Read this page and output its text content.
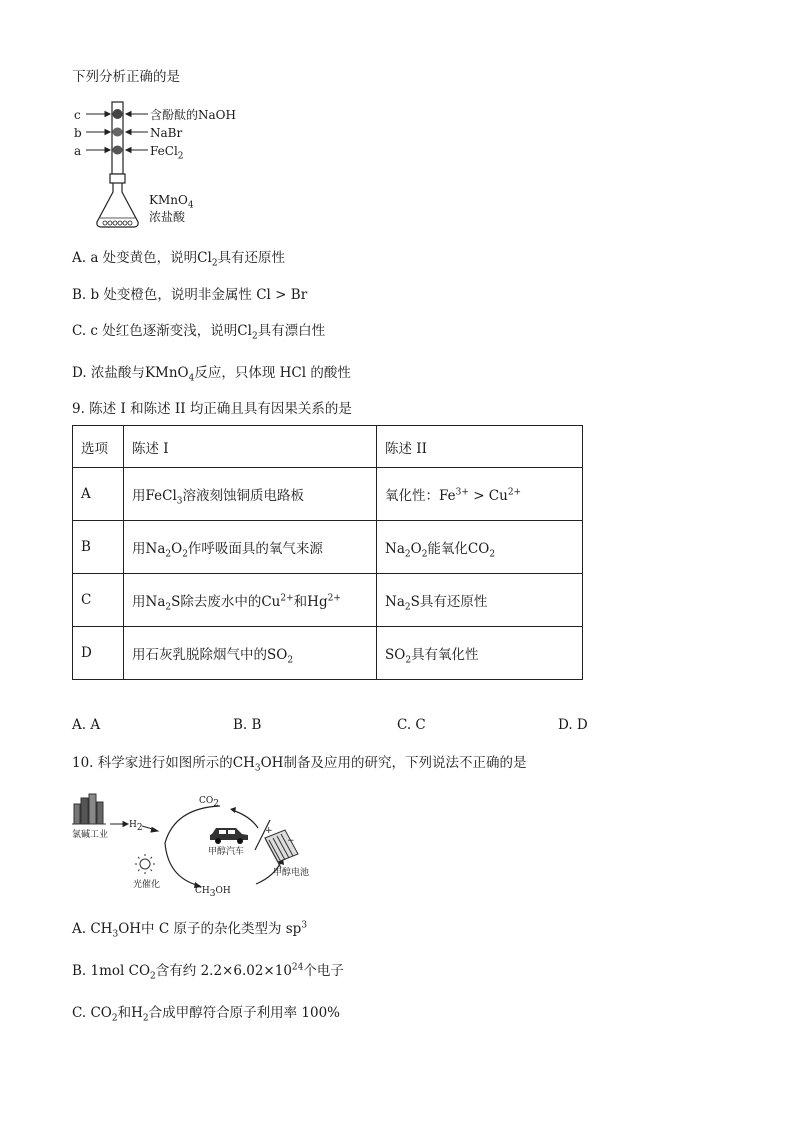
下列分析正确的是
c
b
a
含酚酞的NaOH
NaBr
FeCl$_2$
KMnO$_4$
浓盐酸
A. a 处变黄色，说明$Cl_2$具有还原性
B. b 处变橙色，说明非金属性 Cl > Br
C. c 处红色逐渐变浅，说明$Cl_2$具有漂白性
D. 浓盐酸与KMnO$_4$反应，只体现 HCl 的酸性
9. 陈述 I 和陈述 II 均正确且具有因果关系的是
选项	陈述 I	陈述 II
A	用FeCl$_3$溶液刻蚀铜质电路板	氧化性：$Fe^{3+} > Cu^{2+}$
B	用$Na_2O_2$作呼吸面具的氧气来源	$Na_2O_2$能氧化$CO_2$
C	用$Na_2S$除去废水中的$Cu^{2+}$和$Hg^{2+}$	$Na_2S$具有还原性
D	用石灰乳脱除烟气中的$SO_2$	$SO_2$具有氧化性
A. A	B. B	C. C	D. D
10. 科学家进行如图所示的$CH_3OH$制备及应用的研究，下列说法不正确的是
$CO_2$
$H_2$
氯碱工业
甲醇汽车
甲醇电池
光催化
$CH_3OH$
+
−
A. $CH_3OH$中 C 原子的杂化类型为 $sp^3$
B. 1mol $CO_2$含有约 $2.2\times 6.02\times 10^{24}$个电子
C. $CO_2$和$H_2$合成甲醇符合原子利用率 100%
